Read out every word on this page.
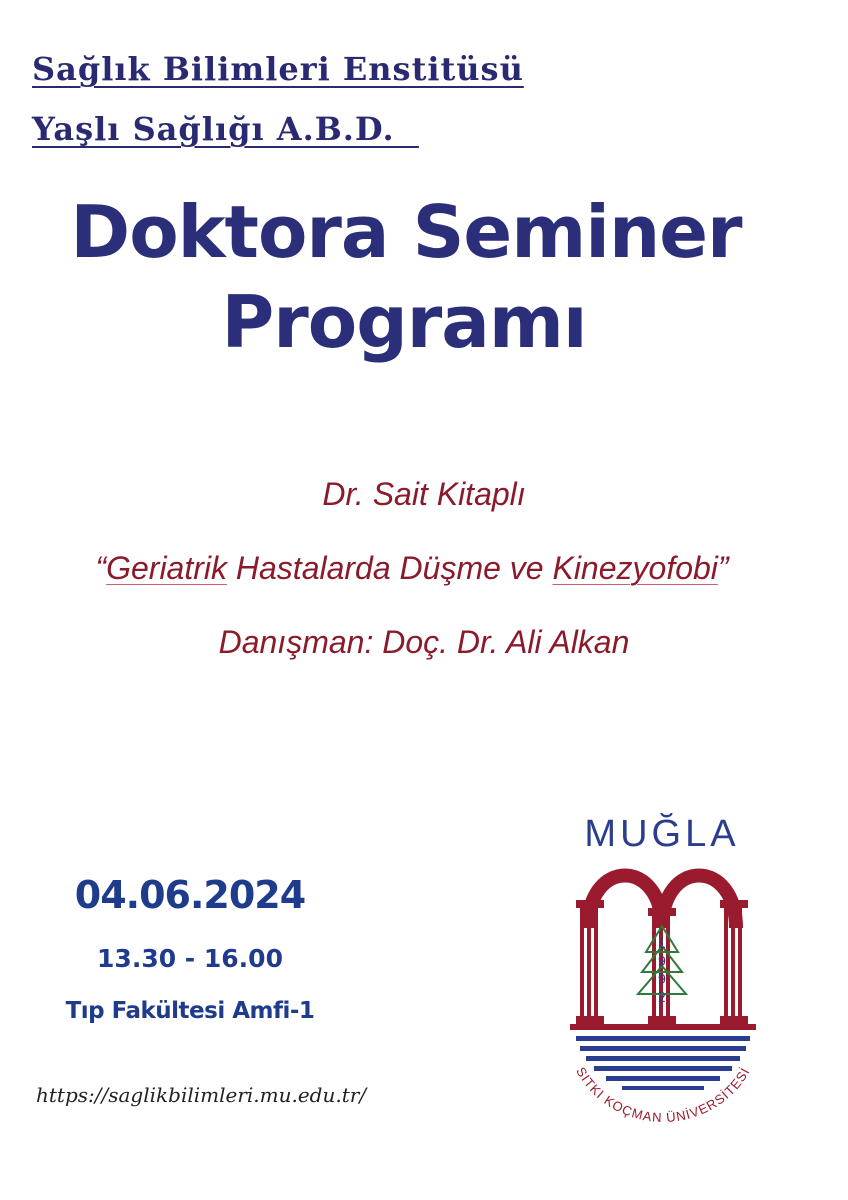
Sağlık Bilimleri Enstitüsü
Yaşlı Sağlığı A.B.D.
Doktora Seminer
Programı
Dr. Sait Kitaplı
“Geriatrik Hastalarda Düşme ve Kinezyofobi”
Danışman: Doç. Dr. Ali Alkan
04.06.2024
13.30 - 16.00
Tıp Fakültesi Amfi-1
https://saglikbilimleri.mu.edu.tr/
MUĞLA
1
9
9
2
SITKI KOÇMAN ÜNİVERSİTESİ
